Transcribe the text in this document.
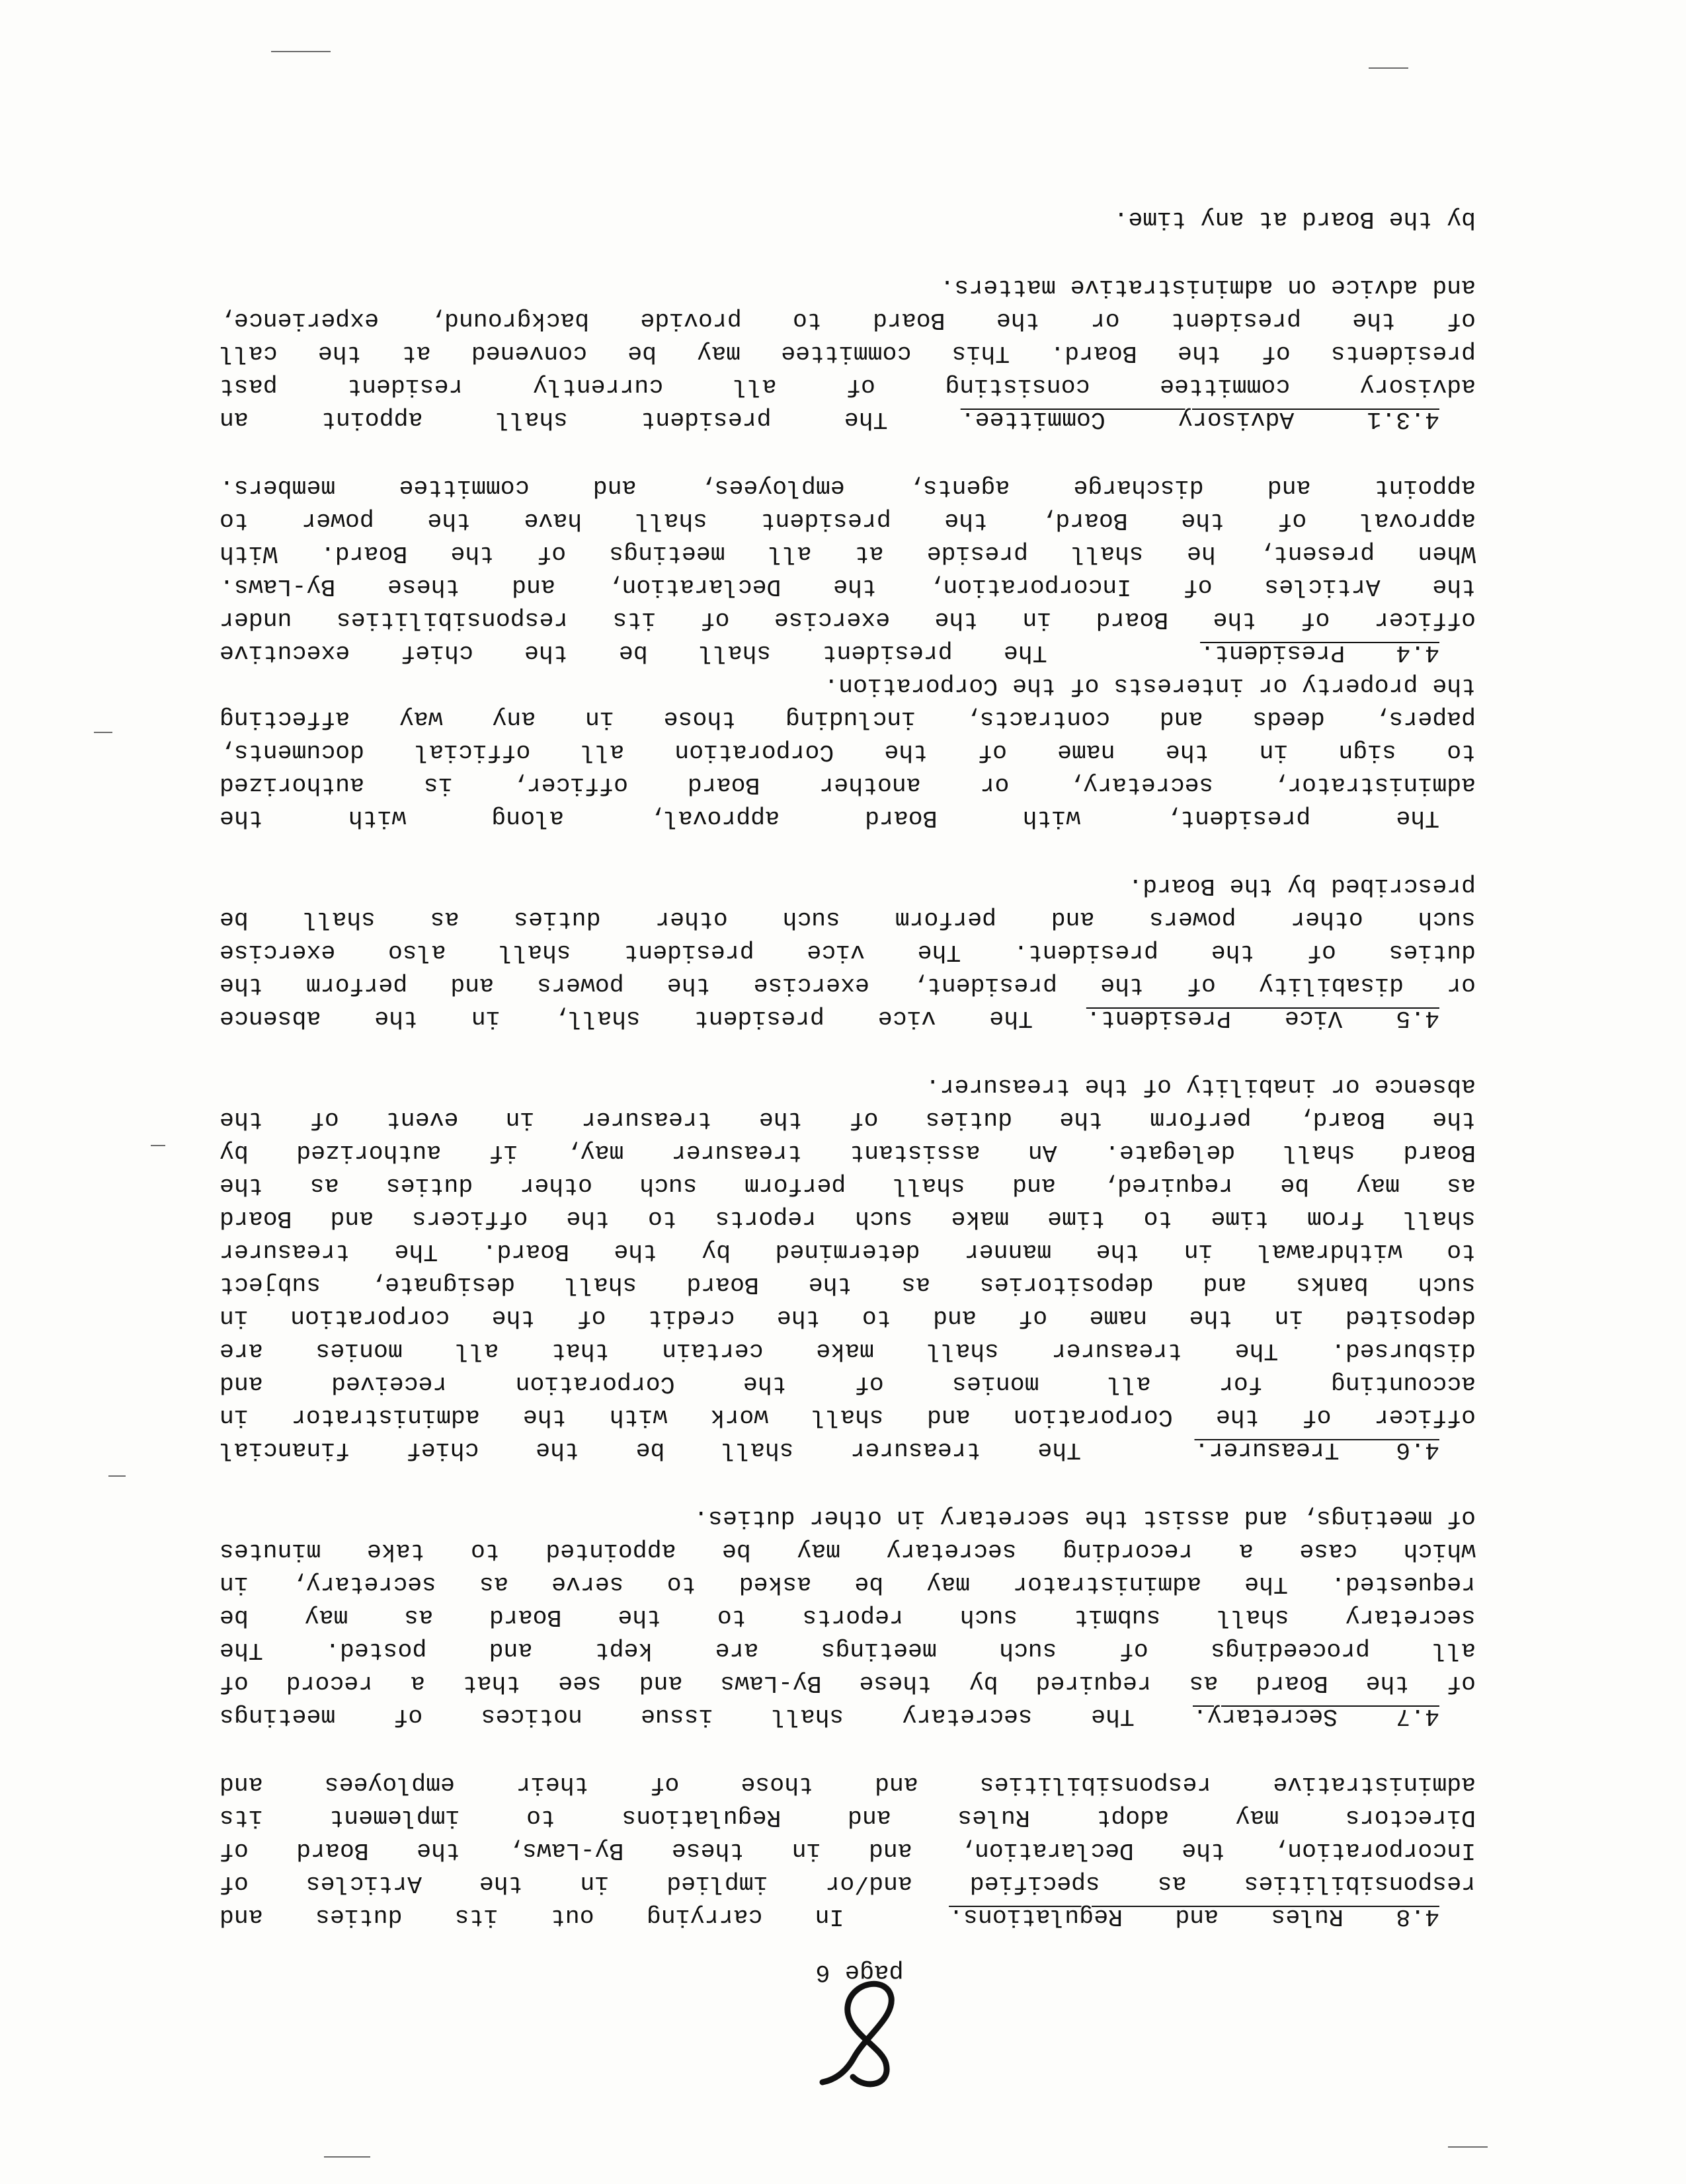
page 6
4.8 Rules and Regulations.  In carrying out its duties and
responsibilities as specified and/or implied in the Articles of
Incorporation, the Declaration, and in these By-Laws, the Board of
Directors may adopt Rules and Regulations to implement its
administrative responsibilities and those of their employees and
4.7 Secretary. The secretary shall issue notices of meetings
of the Board as required by these By-Laws and see that a record of
all proceedings of such meetings are kept and posted. The
secretary shall submit such reports to the Board as may be
requested. The administrator may be asked to serve as secretary, in
which case a recording secretary may be appointed to take minutes
of meetings, and assist the secretary in other duties.
4.6 Treasurer.  The treasurer shall be the chief financial
officer of the Corporation and shall work with the administrator in
accounting for all monies of the Corporation received and
disbursed. The treasurer shall make certain that all monies are
deposited in the name of and to the credit of the corporation in
such banks and depositories as the Board shall designate, subject
to withdrawal in the manner determined by the Board. The treasurer
shall from time to time make such reports to the officers and Board
as may be required, and shall perform such other duties as the
Board shall delegate. An assistant treasurer may, if authorized by
the Board, perform the duties of the treasurer in event of the
absence or inability of the treasurer.
4.5 Vice President. The vice president shall, in the absence
or disability of the president, exercise the powers and perform the
duties of the president. The vice president shall also exercise
such other powers and perform such other duties as shall be
prescribed by the Board.
The president, with Board approval, along with the
administrator, secretary, or another Board officer, is authorized
to sign in the name of the Corporation all official documents,
papers, deeds and contracts, including those in any way affecting
the property or interests of the Corporation.
4.4 President.   The president shall be the chief executive
officer of the Board in the exercise of its responsibilities under
the Articles of Incorporation, the Declaration, and these By-Laws.
When present, he shall preside at all meetings of the Board. With
approval of the Board, the president shall have the power to
appoint and discharge agents, employees, and committee members.
4.3.1 Advisory Committee. The president shall appoint an
advisory committee consisting of all currently resident past
presidents of the Board. This committee may be convened at the call
of the president or the Board to provide background, experience,
and advice on administrative matters.
by the Board at any time.
